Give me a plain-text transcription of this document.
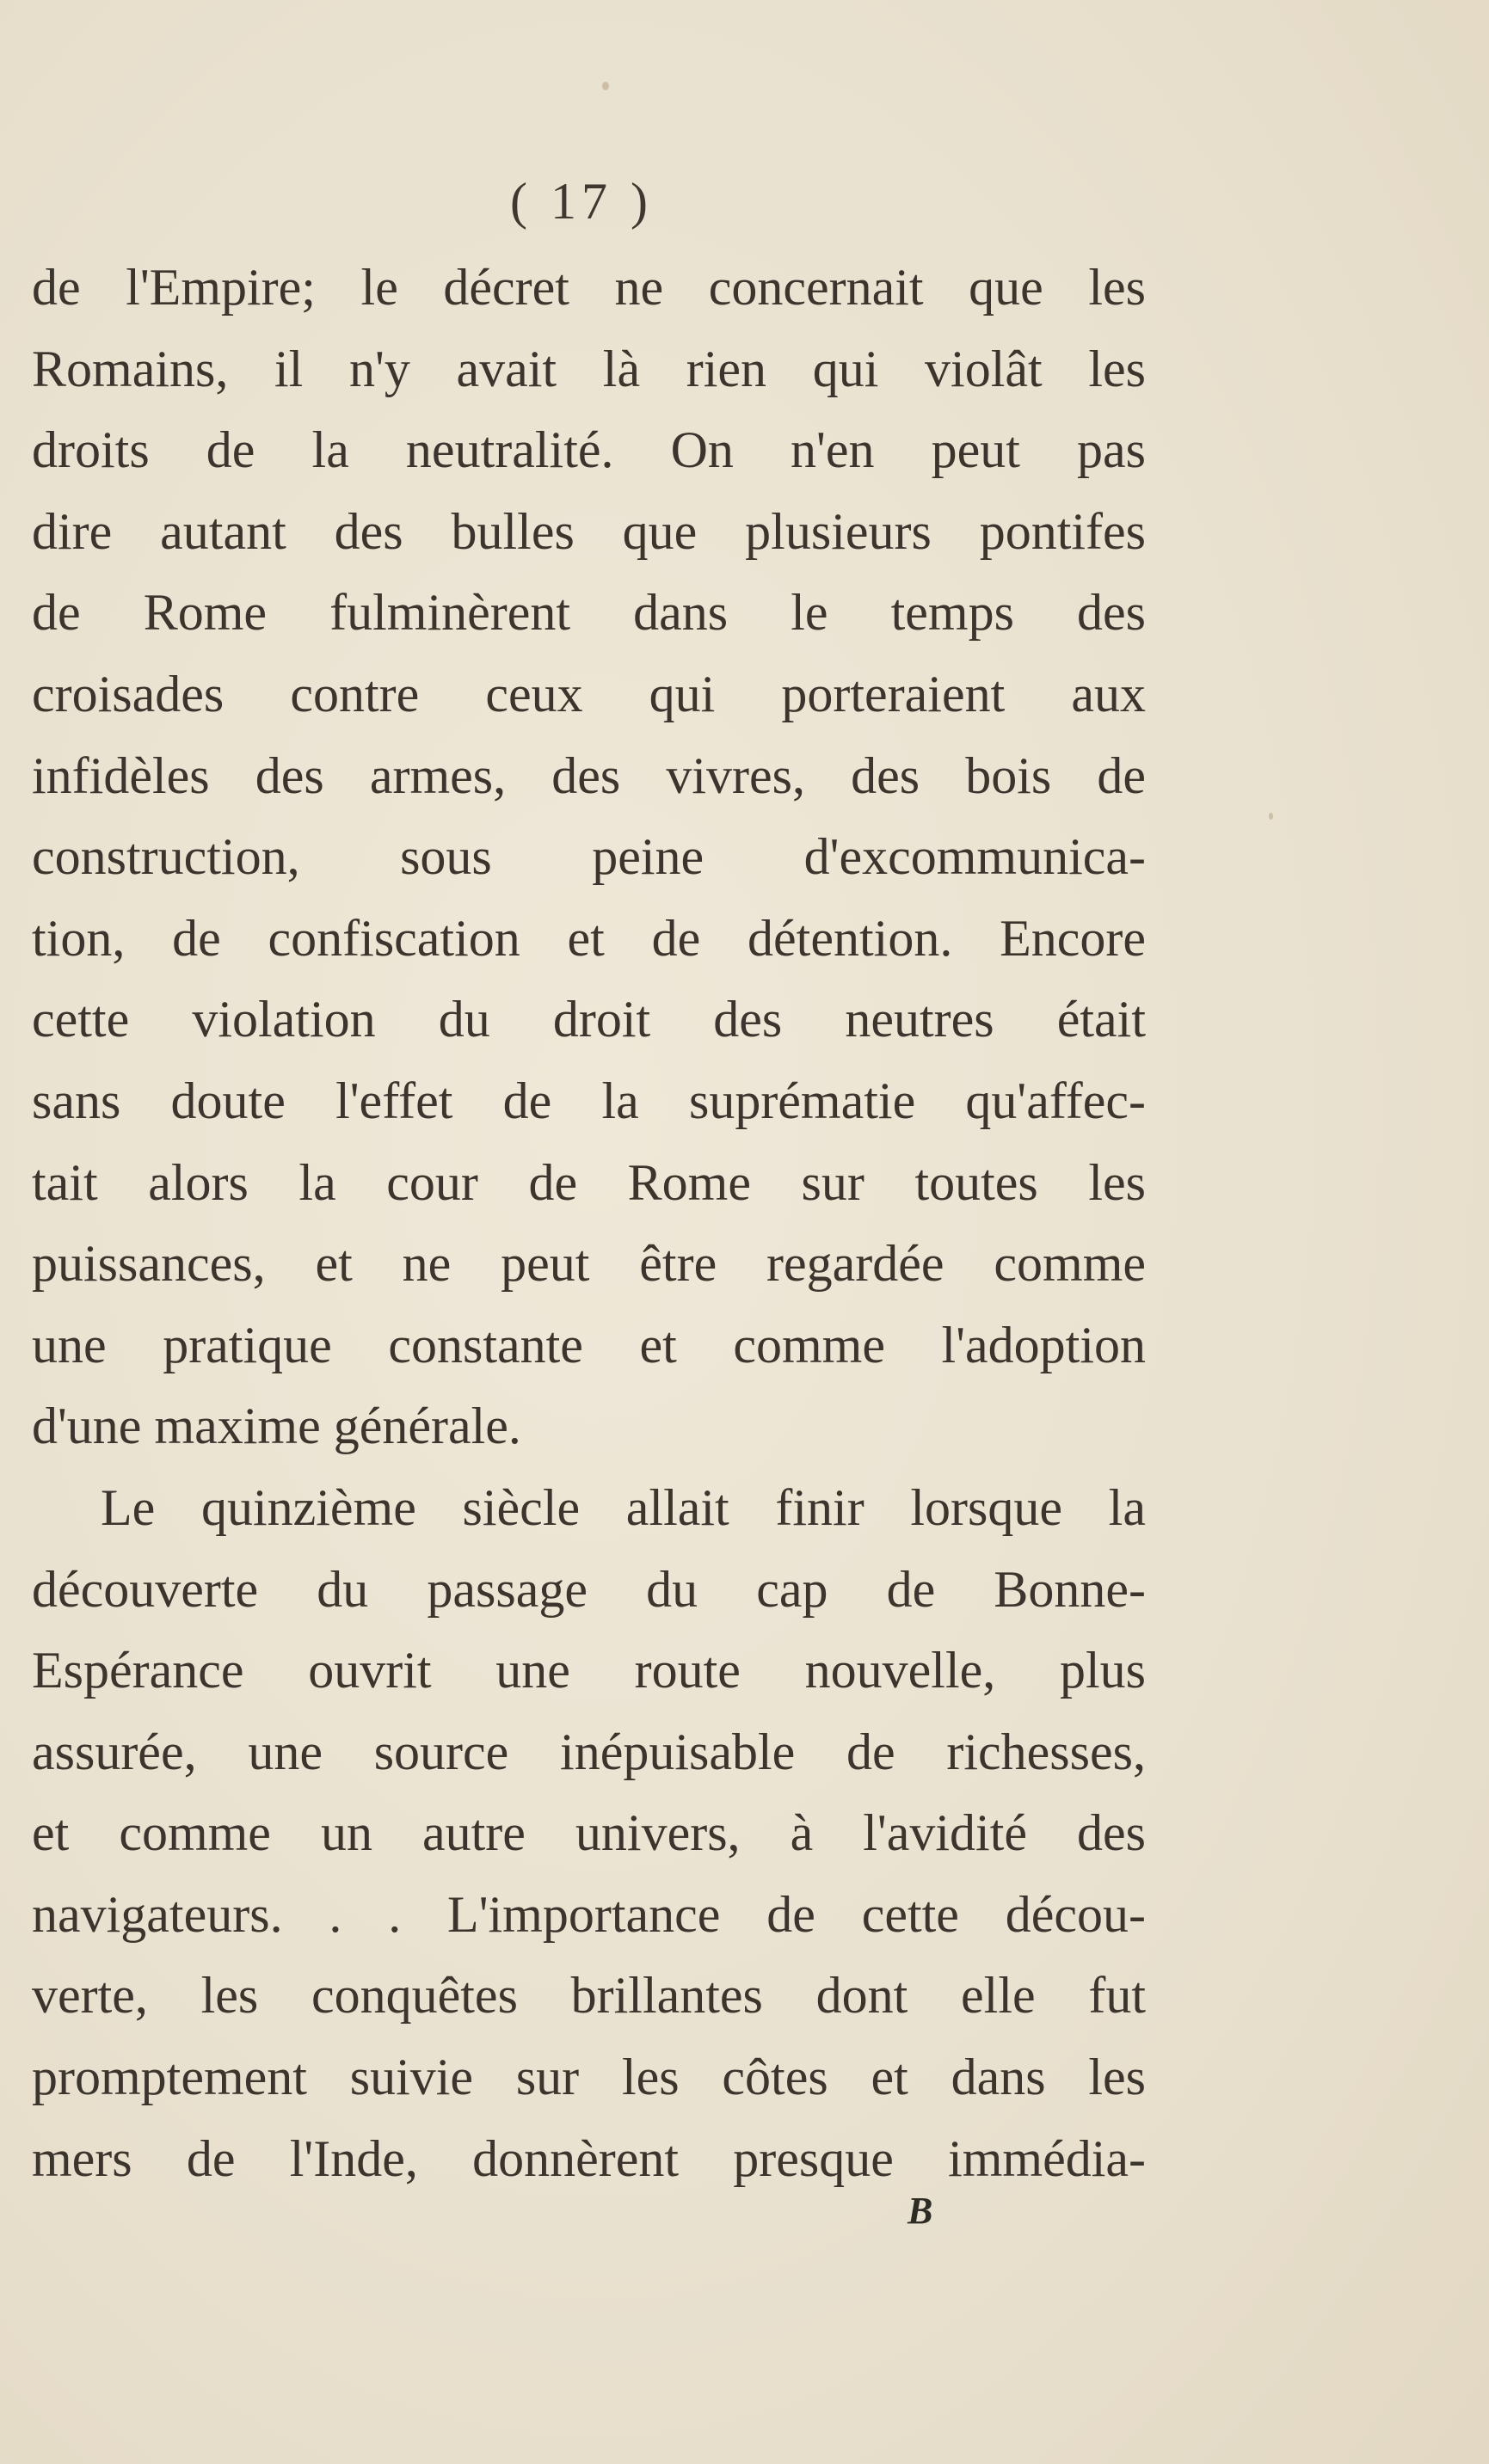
( 17 )
de l'Empire; le décret ne concernait que les
Romains, il n'y avait là rien qui violât les
droits de la neutralité. On n'en peut pas
dire autant des bulles que plusieurs pontifes
de Rome fulminèrent dans le temps des
croisades contre ceux qui porteraient aux
infidèles des armes, des vivres, des bois de
construction, sous peine d'excommunica-
tion, de confiscation et de détention. Encore
cette violation du droit des neutres était
sans doute l'effet de la suprématie qu'affec-
tait alors la cour de Rome sur toutes les
puissances, et ne peut être regardée comme
une pratique constante et comme l'adoption
d'une maxime générale.
Le quinzième siècle allait finir lorsque la
découverte du passage du cap de Bonne-
Espérance ouvrit une route nouvelle, plus
assurée, une source inépuisable de richesses,
et comme un autre univers, à l'avidité des
navigateurs. . . L'importance de cette décou-
verte, les conquêtes brillantes dont elle fut
promptement suivie sur les côtes et dans les
mers de l'Inde, donnèrent presque immédia-
B
